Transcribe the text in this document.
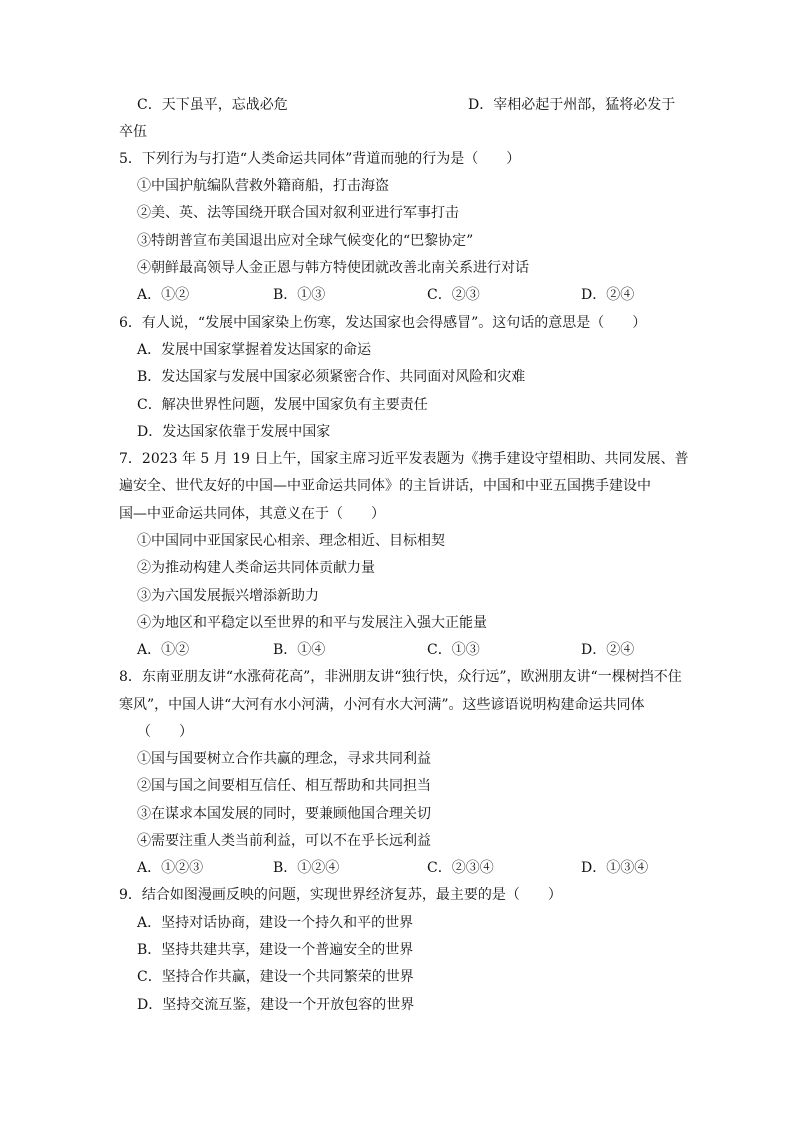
C．天下虽平，忘战必危	D．宰相必起于州部，猛将必发于
卒伍
5．下列行为与打造“人类命运共同体”背道而驰的行为是（　　）
①中国护航编队营救外籍商船，打击海盗
②美、英、法等国绕开联合国对叙利亚进行军事打击
③特朗普宣布美国退出应对全球气候变化的“巴黎协定”
④朝鲜最高领导人金正恩与韩方特使团就改善北南关系进行对话
A．①②	B．①③	C．②③	D．②④
6．有人说，“发展中国家染上伤寒，发达国家也会得感冒”。这句话的意思是（　　）
A．发展中国家掌握着发达国家的命运
B．发达国家与发展中国家必须紧密合作、共同面对风险和灾难
C．解决世界性问题，发展中国家负有主要责任
D．发达国家依靠于发展中国家
7．2023 年 5 月 19 日上午，国家主席习近平发表题为《携手建设守望相助、共同发展、普
遍安全、世代友好的中国—中亚命运共同体》的主旨讲话，中国和中亚五国携手建设中
国—中亚命运共同体，其意义在于（　　）
①中国同中亚国家民心相亲、理念相近、目标相契
②为推动构建人类命运共同体贡献力量
③为六国发展振兴增添新助力
④为地区和平稳定以至世界的和平与发展注入强大正能量
A．①②	B．①④	C．①③	D．②④
8．东南亚朋友讲“水涨荷花高”，非洲朋友讲“独行快，众行远”，欧洲朋友讲“一棵树挡不住
寒风”，中国人讲“大河有水小河满，小河有水大河满”。这些谚语说明构建命运共同体
（　　）
①国与国要树立合作共赢的理念，寻求共同利益
②国与国之间要相互信任、相互帮助和共同担当
③在谋求本国发展的同时，要兼顾他国合理关切
④需要注重人类当前利益，可以不在乎长远利益
A．①②③	B．①②④	C．②③④	D．①③④
9．结合如图漫画反映的问题，实现世界经济复苏，最主要的是（　　）
A．坚持对话协商，建设一个持久和平的世界
B．坚持共建共享，建设一个普遍安全的世界
C．坚持合作共赢，建设一个共同繁荣的世界
D．坚持交流互鉴，建设一个开放包容的世界
